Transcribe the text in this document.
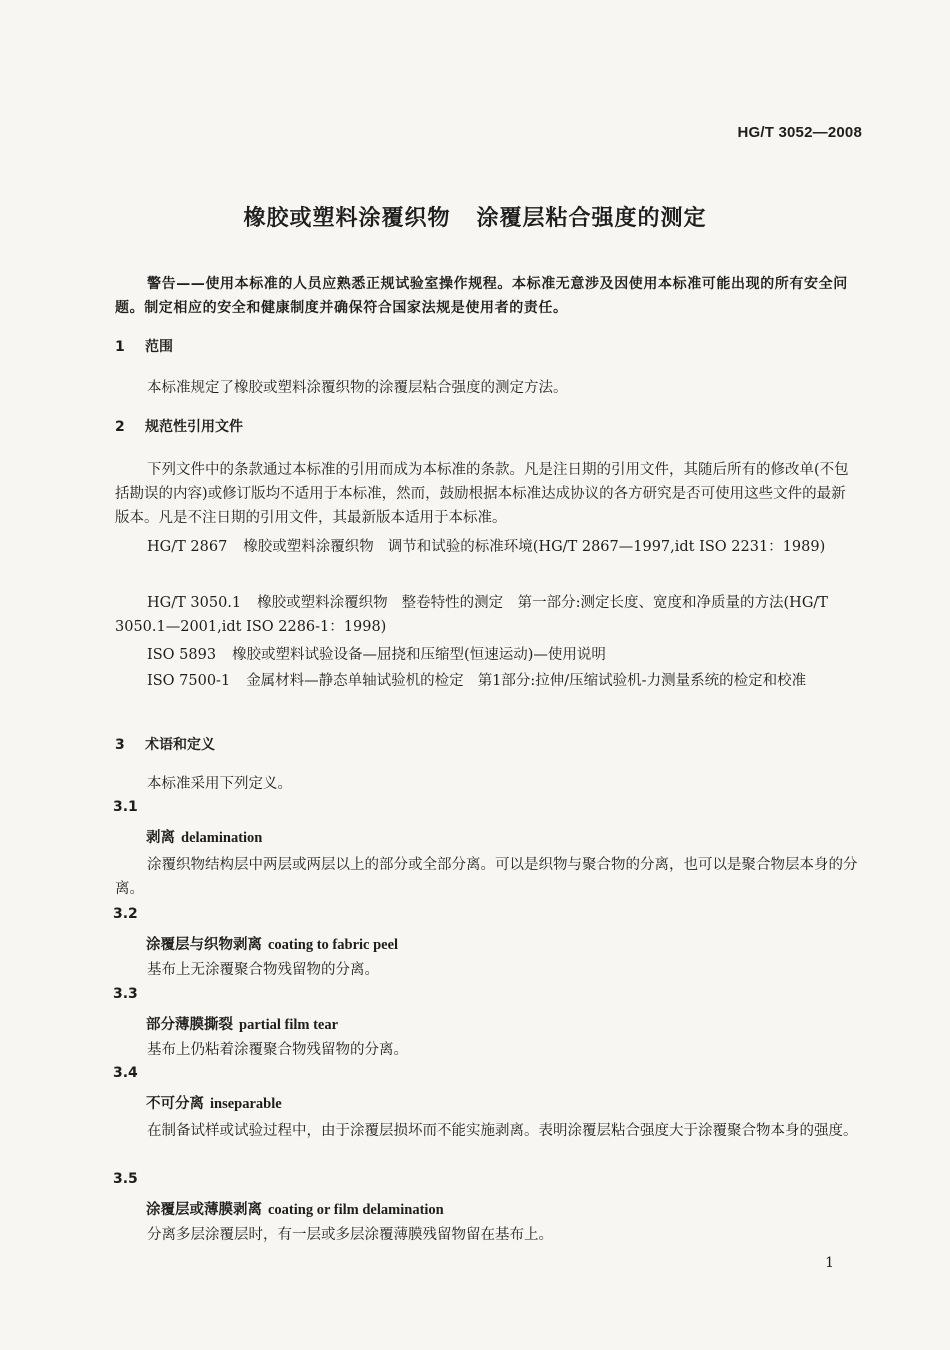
HG/T 3052—2008
橡胶或塑料涂覆织物 涂覆层粘合强度的测定
警告——使用本标准的人员应熟悉正规试验室操作规程。本标准无意涉及因使用本标准可能出现的所有安全问题。制定相应的安全和健康制度并确保符合国家法规是使用者的责任。
1 范围
本标准规定了橡胶或塑料涂覆织物的涂覆层粘合强度的测定方法。
2 规范性引用文件
下列文件中的条款通过本标准的引用而成为本标准的条款。凡是注日期的引用文件，其随后所有的修改单(不包括勘误的内容)或修订版均不适用于本标准，然而，鼓励根据本标准达成协议的各方研究是否可使用这些文件的最新版本。凡是不注日期的引用文件，其最新版本适用于本标准。
HG/T 2867 橡胶或塑料涂覆织物 调节和试验的标准环境(HG/T 2867—1997,idt ISO 2231：1989)
HG/T 3050.1 橡胶或塑料涂覆织物 整卷特性的测定　第一部分:测定长度、宽度和净质量的方法(HG/T 3050.1—2001,idt ISO 2286-1：1998)
ISO 5893 橡胶或塑料试验设备—屈挠和压缩型(恒速运动)—使用说明
ISO 7500-1 金属材料—静态单轴试验机的检定 第1部分:拉伸/压缩试验机-力测量系统的检定和校准
3 术语和定义
本标准采用下列定义。
3.1
剥离 delamination
涂覆织物结构层中两层或两层以上的部分或全部分离。可以是织物与聚合物的分离，也可以是聚合物层本身的分离。
3.2
涂覆层与织物剥离 coating to fabric peel
基布上无涂覆聚合物残留物的分离。
3.3
部分薄膜撕裂 partial film tear
基布上仍粘着涂覆聚合物残留物的分离。
3.4
不可分离 inseparable
在制备试样或试验过程中，由于涂覆层损坏而不能实施剥离。表明涂覆层粘合强度大于涂覆聚合物本身的强度。
3.5
涂覆层或薄膜剥离 coating or film delamination
分离多层涂覆层时，有一层或多层涂覆薄膜残留物留在基布上。
1
